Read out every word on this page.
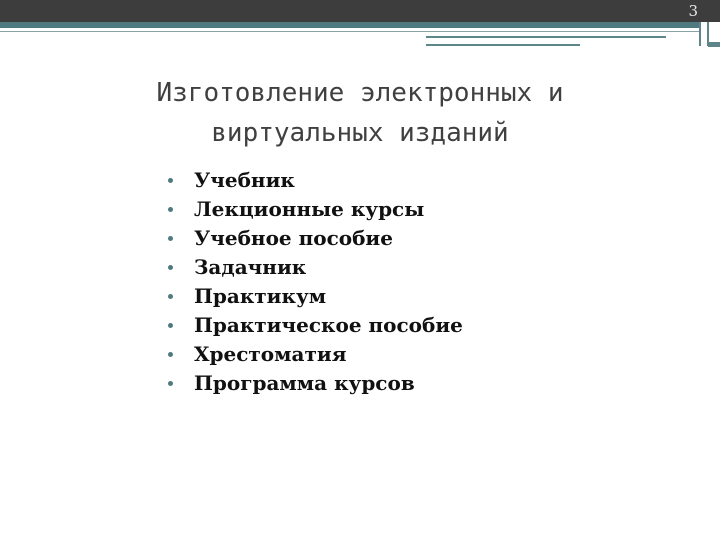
3
Изготовление электронных и
виртуальных изданий
Учебник
Лекционные курсы
Учебное пособие
Задачник
Практикум
Практическое пособие
Хрестоматия
Программа курсов
